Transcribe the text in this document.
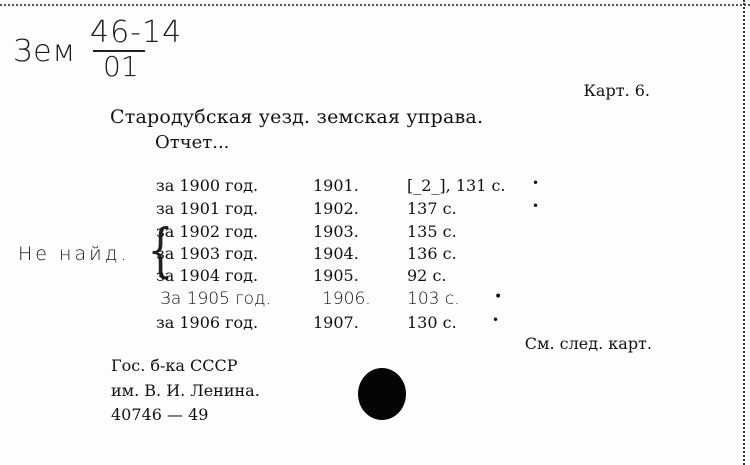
Зем
46-14
01
Карт. 6.
Стародубская уезд. земская управа.
Отчет...
Не найд. {
за 1900 год.	1901.	[_2_], 131 с. •
за 1901 год.	1902.	137 с.	•
за 1902 год.	1903.	135 с.
за 1903 год.	1904.	136 с.
за 1904 год.	1905.	92 с.
За 1905 год.	1906. 103 с. •
за 1906 год.	1907.	130 с.	•
См. след. карт.
Гос. б-ка СССР
им. В. И. Ленина.
40746 — 49
